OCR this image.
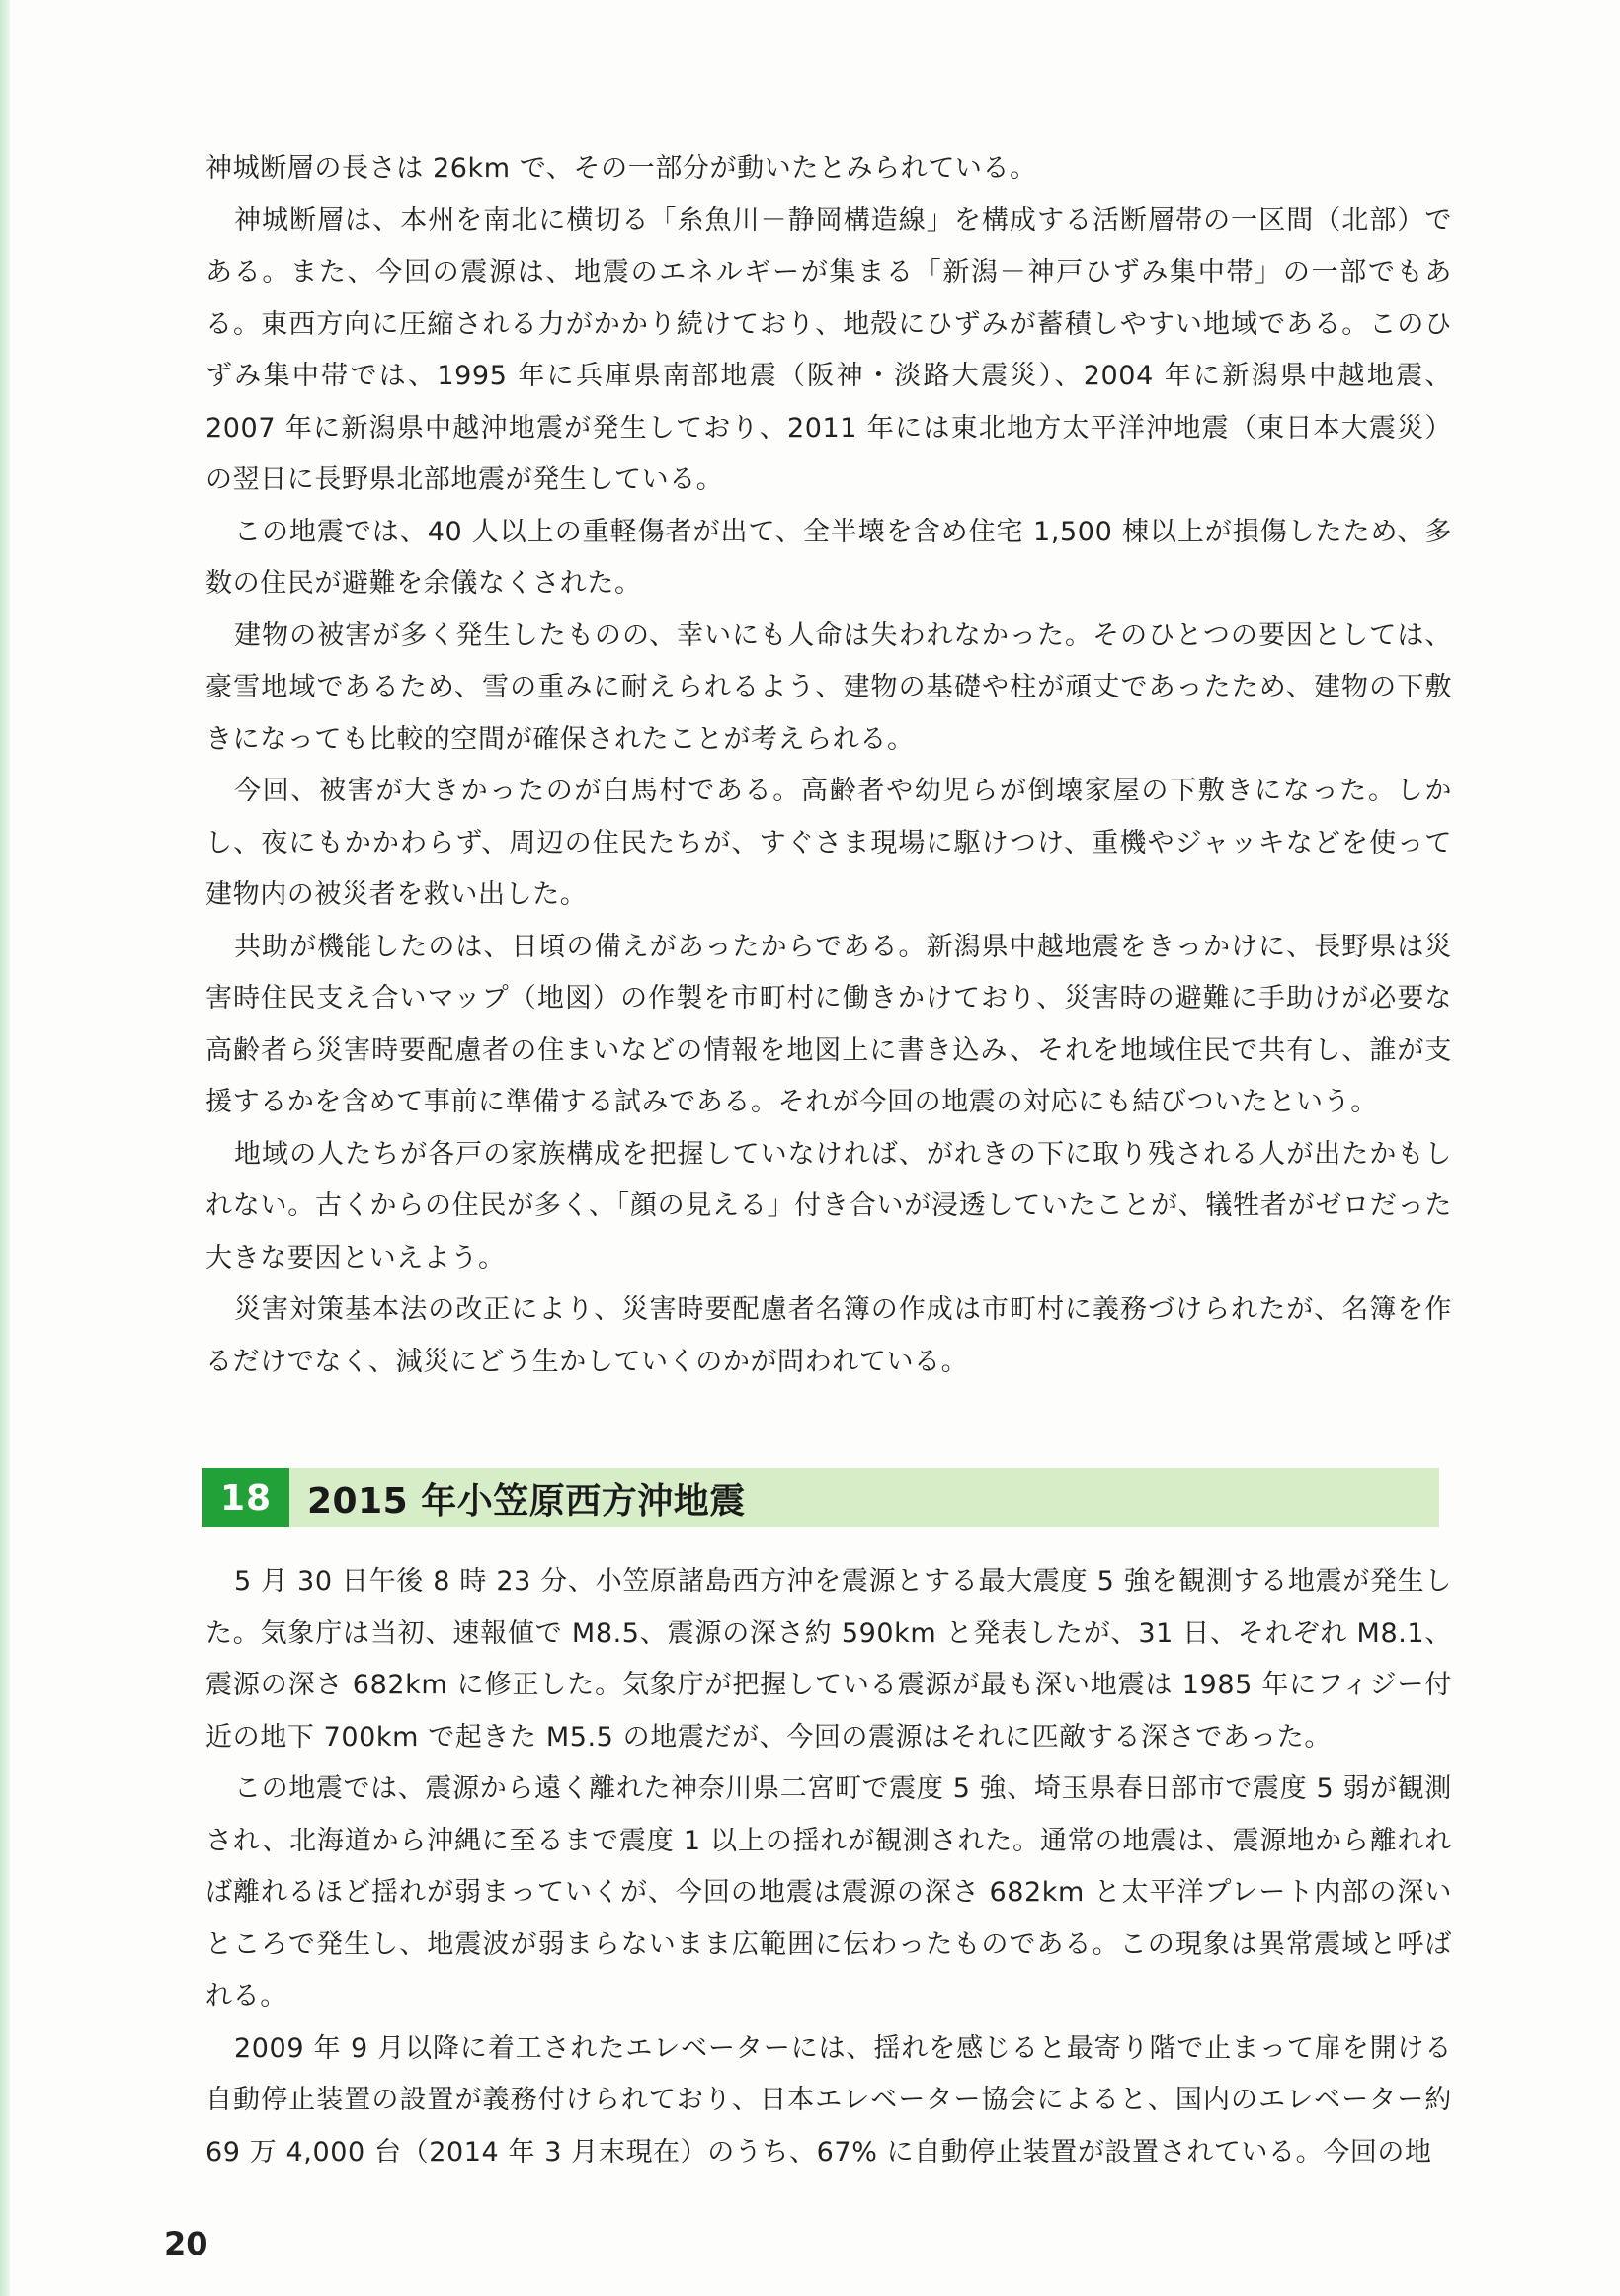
神城断層の長さは 26km で、その一部分が動いたとみられている。

神城断層は、本州を南北に横切る「糸魚川－静岡構造線」を構成する活断層帯の一区間（北部）である。また、今回の震源は、地震のエネルギーが集まる「新潟－神戸ひずみ集中帯」の一部でもある。東西方向に圧縮される力がかかり続けており、地殻にひずみが蓄積しやすい地域である。このひずみ集中帯では、1995 年に兵庫県南部地震（阪神・淡路大震災）、2004 年に新潟県中越地震、2007 年に新潟県中越沖地震が発生しており、2011 年には東北地方太平洋沖地震（東日本大震災）の翌日に長野県北部地震が発生している。

この地震では、40 人以上の重軽傷者が出て、全半壊を含め住宅 1,500 棟以上が損傷したため、多数の住民が避難を余儀なくされた。

建物の被害が多く発生したものの、幸いにも人命は失われなかった。そのひとつの要因としては、豪雪地域であるため、雪の重みに耐えられるよう、建物の基礎や柱が頑丈であったため、建物の下敷きになっても比較的空間が確保されたことが考えられる。

今回、被害が大きかったのが白馬村である。高齢者や幼児らが倒壊家屋の下敷きになった。しかし、夜にもかかわらず、周辺の住民たちが、すぐさま現場に駆けつけ、重機やジャッキなどを使って建物内の被災者を救い出した。

共助が機能したのは、日頃の備えがあったからである。新潟県中越地震をきっかけに、長野県は災害時住民支え合いマップ（地図）の作製を市町村に働きかけており、災害時の避難に手助けが必要な高齢者ら災害時要配慮者の住まいなどの情報を地図上に書き込み、それを地域住民で共有し、誰が支援するかを含めて事前に準備する試みである。それが今回の地震の対応にも結びついたという。

地域の人たちが各戸の家族構成を把握していなければ、がれきの下に取り残される人が出たかもしれない。古くからの住民が多く、「顔の見える」付き合いが浸透していたことが、犠牲者がゼロだった大きな要因といえよう。

災害対策基本法の改正により、災害時要配慮者名簿の作成は市町村に義務づけられたが、名簿を作るだけでなく、減災にどう生かしていくのかが問われている。

18 2015 年小笠原西方沖地震

5 月 30 日午後 8 時 23 分、小笠原諸島西方沖を震源とする最大震度 5 強を観測する地震が発生した。気象庁は当初、速報値で M8.5、震源の深さ約 590km と発表したが、31 日、それぞれ M8.1、震源の深さ 682km に修正した。気象庁が把握している震源が最も深い地震は 1985 年にフィジー付近の地下 700km で起きた M5.5 の地震だが、今回の震源はそれに匹敵する深さであった。

この地震では、震源から遠く離れた神奈川県二宮町で震度 5 強、埼玉県春日部市で震度 5 弱が観測され、北海道から沖縄に至るまで震度 1 以上の揺れが観測された。通常の地震は、震源地から離れれば離れるほど揺れが弱まっていくが、今回の地震は震源の深さ 682km と太平洋プレート内部の深いところで発生し、地震波が弱まらないまま広範囲に伝わったものである。この現象は異常震域と呼ばれる。

2009 年 9 月以降に着工されたエレベーターには、揺れを感じると最寄り階で止まって扉を開ける自動停止装置の設置が義務付けられており、日本エレベーター協会によると、国内のエレベーター約 69 万 4,000 台（2014 年 3 月末現在）のうち、67% に自動停止装置が設置されている。今回の地

20
